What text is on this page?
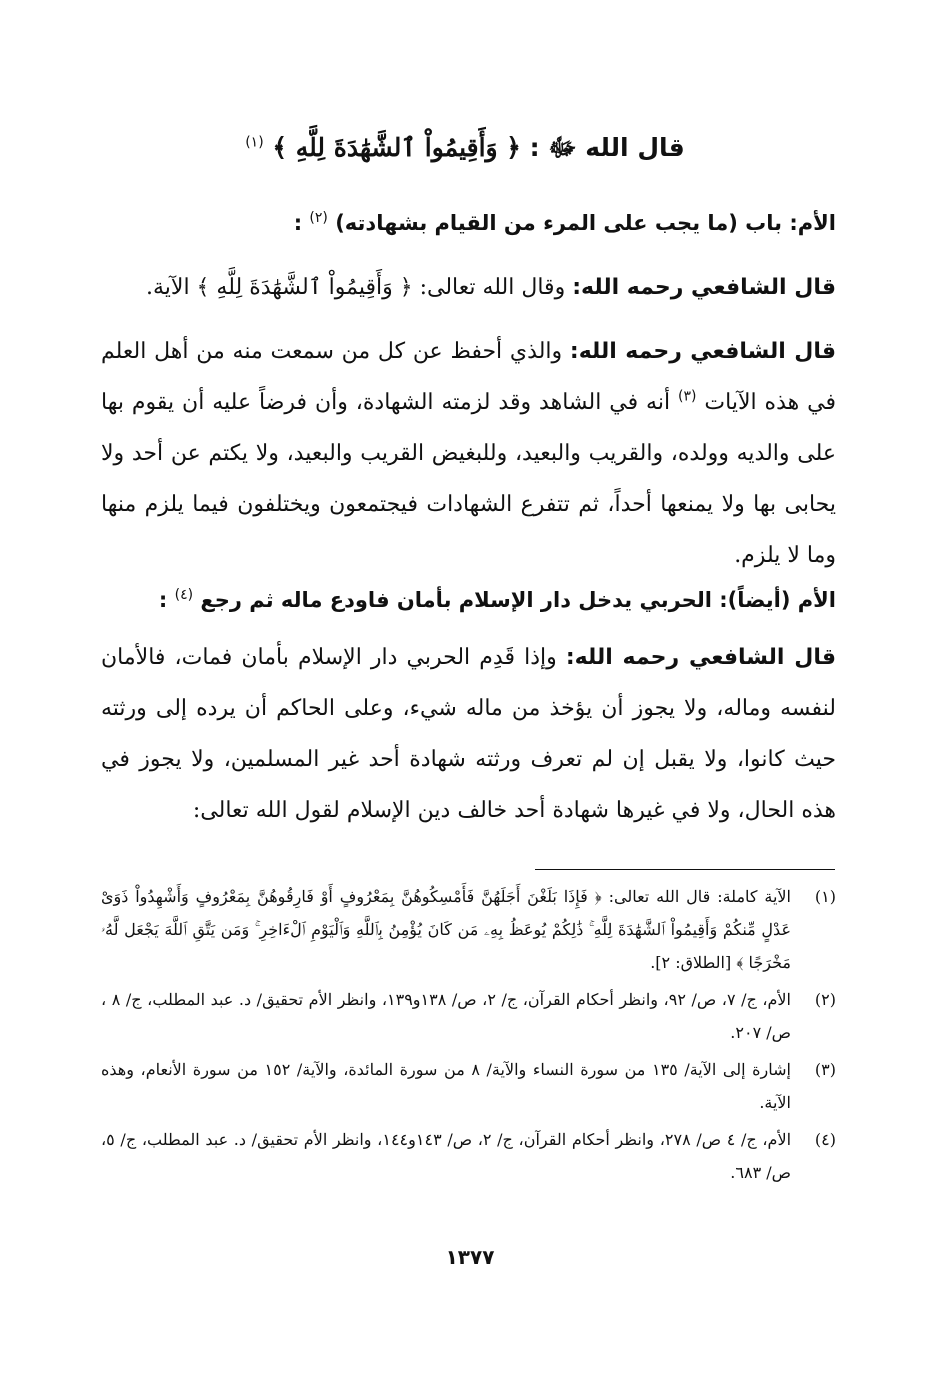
قال الله ﷻ : ﴿ وَأَقِيمُواْ ٱلشَّهَٰدَةَ لِلَّهِ ﴾ $^{(١)}$
الأم: باب (ما يجب على المرء من القيام بشهادته) $^{(٢)}$ :
قال الشافعي رحمه الله: وقال الله تعالى: ﴿ وَأَقِيمُواْ ٱلشَّهَٰدَةَ لِلَّهِ ﴾ الآية.
قال الشافعي رحمه الله: والذي أحفظ عن كل من سمعت منه من أهل العلم في هذه الآيات $^{(٣)}$ أنه في الشاهد وقد لزمته الشهادة، وأن فرضاً عليه أن يقوم بها على والديه وولده، والقريب والبعيد، وللبغيض القريب والبعيد، ولا يكتم عن أحد ولا يحابى بها ولا يمنعها أحداً، ثم تتفرع الشهادات فيجتمعون ويختلفون فيما يلزم منها وما لا يلزم.
الأم (أيضاً): الحربي يدخل دار الإسلام بأمان فاودع ماله ثم رجع $^{(٤)}$ :
قال الشافعي رحمه الله: وإذا قَدِم الحربي دار الإسلام بأمان فمات، فالأمان لنفسه وماله، ولا يجوز أن يؤخذ من ماله شيء، وعلى الحاكم أن يرده إلى ورثته حيث كانوا، ولا يقبل إن لم تعرف ورثته شهادة أحد غير المسلمين، ولا يجوز في هذه الحال، ولا في غيرها شهادة أحد خالف دين الإسلام لقول الله تعالى:
(١)
الآية كاملة: قال الله تعالى: ﴿ فَإِذَا بَلَغْنَ أَجَلَهُنَّ فَأَمْسِكُوهُنَّ بِمَعْرُوفٍ أَوْ فَارِقُوهُنَّ بِمَعْرُوفٍ وَأَشْهِدُواْ ذَوَىْ عَدْلٍ مِّنكُمْ وَأَقِيمُواْ ٱلشَّهَٰدَةَ لِلَّهِ ۚ ذَٰلِكُمْ يُوعَظُ بِهِۦ مَن كَانَ يُؤْمِنُ بِٱللَّهِ وَٱلْيَوْمِ ٱلْءَاخِرِ ۚ وَمَن يَتَّقِ ٱللَّهَ يَجْعَل لَّهُۥ مَخْرَجًا ﴾ [الطلاق: ٢].
(٢)
الأم، ج/ ٧، ص/ ٩٢، وانظر أحكام القرآن، ج/ ٢، ص/ ١٣٨و١٣٩، وانظر الأم تحقيق/ د. عبد المطلب، ج/ ٨ ، ص/ ٢٠٧.
(٣)
إشارة إلى الآية/ ١٣٥ من سورة النساء والآية/ ٨ من سورة المائدة، والآية/ ١٥٢ من سورة الأنعام، وهذه الآية.
(٤)
الأم، ج/ ٤ ص/ ٢٧٨، وانظر أحكام القرآن، ج/ ٢، ص/ ١٤٣و١٤٤، وانظر الأم تحقيق/ د. عبد المطلب، ج/ ٥، ص/ ٦٨٣.
١٣٧٧
